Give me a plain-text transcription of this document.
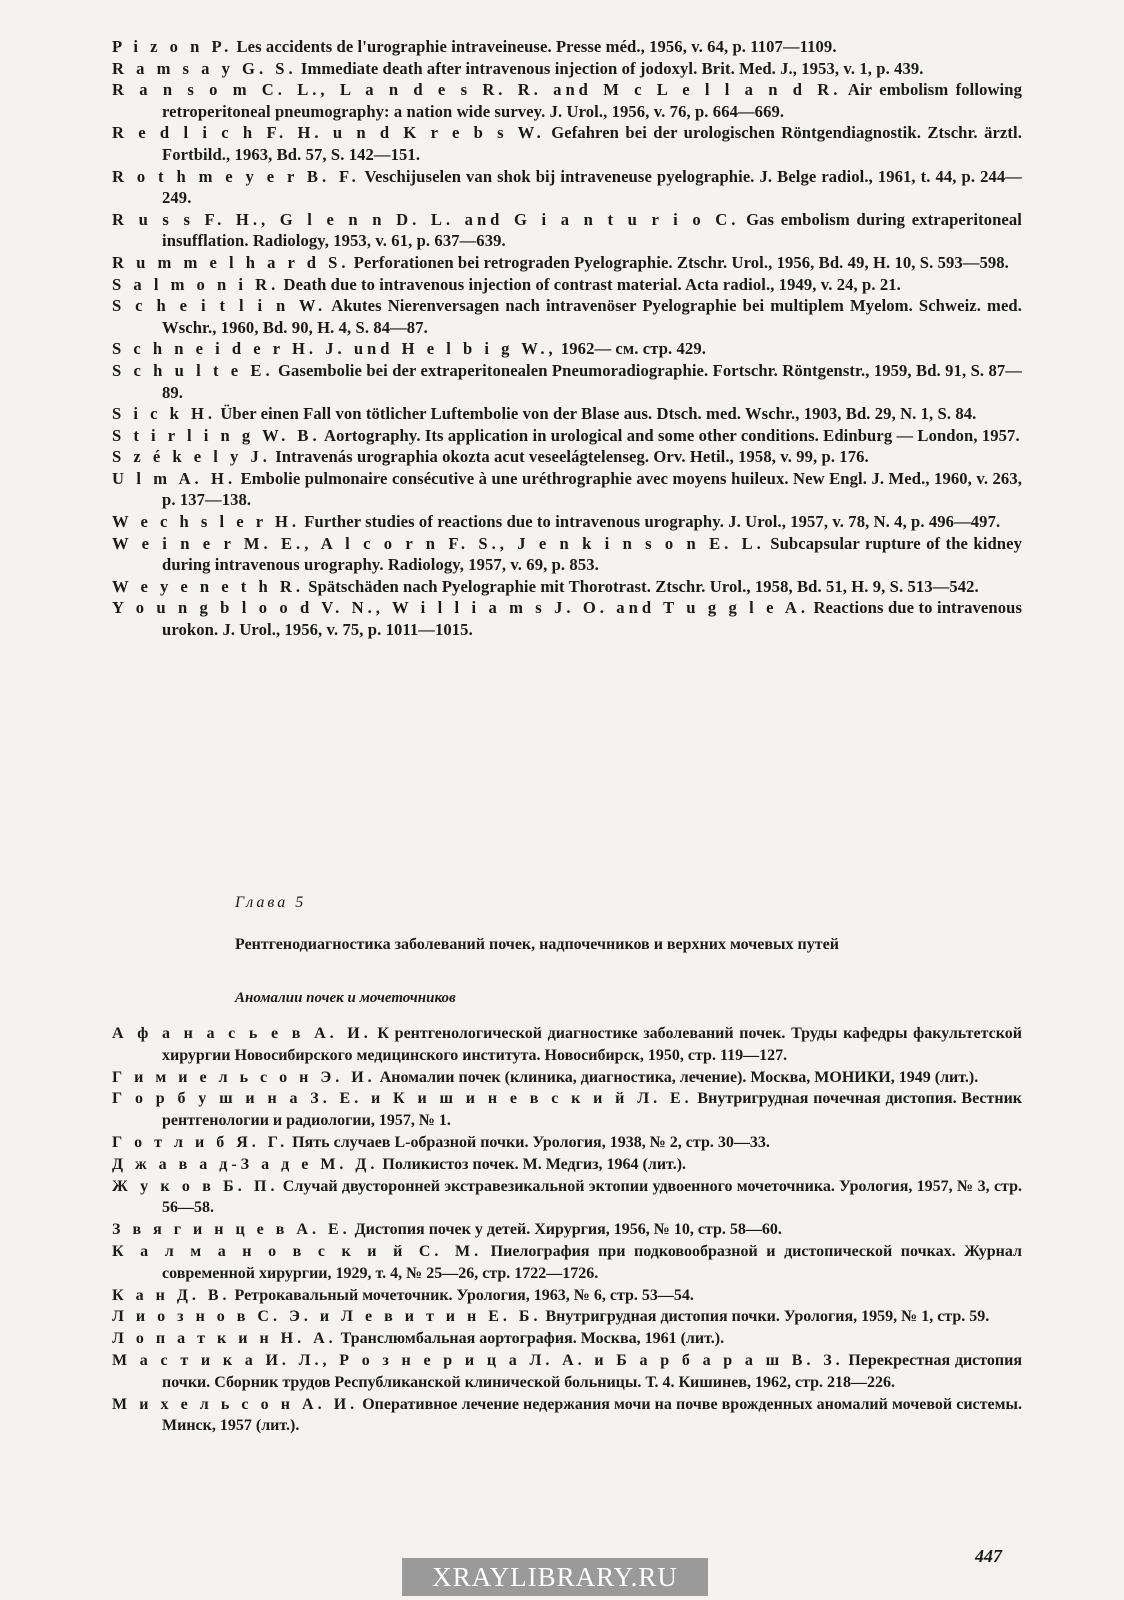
P i z o n P. Les accidents de l'urographie intraveineuse. Presse méd., 1956, v. 64, p. 1107—1109.

R a m s a y G. S. Immediate death after intravenous injection of jodoxyl. Brit. Med. J., 1953, v. 1, p. 439.

R a n s o m C. L., L a n d e s R. R. and M c L e l l a n d R. Air embolism following retroperitoneal pneumography: a nation wide survey. J. Urol., 1956, v. 76, p. 664—669.

R e d l i c h F. H. u n d K r e b s W. Gefahren bei der urologischen Röntgendiagnostik. Ztschr. ärztl. Fortbild., 1963, Bd. 57, S. 142—151.

R o t h m e y e r B. F. Veschijuselen van shok bij intraveneuse pyelographie. J. Belge radiol., 1961, t. 44, p. 244—249.

R u s s F. H., G l e n n D. L. and G i a n t u r i o C. Gas embolism during extraperitoneal insufflation. Radiology, 1953, v. 61, p. 637—639.

R u m m e l h a r d S. Perforationen bei retrograden Pyelographie. Ztschr. Urol., 1956, Bd. 49, H. 10, S. 593—598.

S a l m o n i R. Death due to intravenous injection of contrast material. Acta radiol., 1949, v. 24, p. 21.

S c h e i t l i n W. Akutes Nierenversagen nach intravenöser Pyelographie bei multiplem Myelom. Schweiz. med. Wschr., 1960, Bd. 90, H. 4, S. 84—87.

S c h n e i d e r H. J. und H e l b i g W., 1962— см. стр. 429.

S c h u l t e E. Gasembolie bei der extraperitonealen Pneumoradiographie. Fortschr. Röntgenstr., 1959, Bd. 91, S. 87—89.

S i c k H. Über einen Fall von tötlicher Luftembolie von der Blase aus. Dtsch. med. Wschr., 1903, Bd. 29, N. 1, S. 84.

S t i r l i n g W. B. Aortography. Its application in urological and some other conditions. Edinburg — London, 1957.

S z é k e l y J. Intravenás urographia okozta acut veseelágtelenseg. Orv. Hetil., 1958, v. 99, p. 176.

U l m A. H. Embolie pulmonaire consécutive à une uréthrographie avec moyens huileux. New Engl. J. Med., 1960, v. 263, p. 137—138.

W e c h s l e r H. Further studies of reactions due to intravenous urography. J. Urol., 1957, v. 78, N. 4, p. 496—497.

W e i n e r M. E., A l c o r n F. S., J e n k i n s o n E. L. Subcapsular rupture of the kidney during intravenous urography. Radiology, 1957, v. 69, p. 853.

W e y e n e t h R. Spätschäden nach Pyelographie mit Thorotrast. Ztschr. Urol., 1958, Bd. 51, H. 9, S. 513—542.

Y o u n g b l o o d V. N., W i l l i a m s J. O. and T u g g l e A. Reactions due to intravenous urokon. J. Urol., 1956, v. 75, p. 1011—1015.

Глава 5
Рентгенодиагностика заболеваний почек, надпочечников и верхних мочевых путей
Аномалии почек и мочеточников

А ф а н а с ь е в А. И. К рентгенологической диагностике заболеваний почек. Труды кафедры факультетской хирургии Новосибирского медицинского института. Новосибирск, 1950, стр. 119—127.

Г и м и е л ь с о н Э. И. Аномалии почек (клиника, диагностика, лечение). Москва, МОНИКИ, 1949 (лит.).

Г о р б у ш и н а З. Е. и К и ш и н е в с к и й Л. Е. Внутригрудная почечная дистопия. Вестник рентгенологии и радиологии, 1957, № 1.

Г о т л и б Я. Г. Пять случаев L-образной почки. Урология, 1938, № 2, стр. 30—33.

Д ж а в а д-З а д е М. Д. Поликистоз почек. М. Медгиз, 1964 (лит.).

Ж у к о в Б. П. Случай двусторонней экстравезикальной эктопии удвоенного мочеточника. Урология, 1957, № 3, стр. 56—58.

З в я г и н ц е в А. Е. Дистопия почек у детей. Хирургия, 1956, № 10, стр. 58—60.

К а л м а н о в с к и й С. М. Пиелография при подковообразной и дистопической почках. Журнал современной хирургии, 1929, т. 4, № 25—26, стр. 1722—1726.

К а н Д. В. Ретрокавальный мочеточник. Урология, 1963, № 6, стр. 53—54.

Л и о з н о в С. Э. и Л е в и т и н Е. Б. Внутригрудная дистопия почки. Урология, 1959, № 1, стр. 59.

Л о п а т к и н Н. А. Транслюмбальная аортография. Москва, 1961 (лит.).

М а с т и к а И. Л., Р о з н е р и ц а Л. А. и Б а р б а р а ш В. З. Перекрестная дистопия почки. Сборник трудов Республиканской клинической больницы. Т. 4. Кишинев, 1962, стр. 218—226.

М и х е л ь с о н А. И. Оперативное лечение недержания мочи на почве врожденных аномалий мочевой системы. Минск, 1957 (лит.).

447
XRAYLIBRARY.RU
